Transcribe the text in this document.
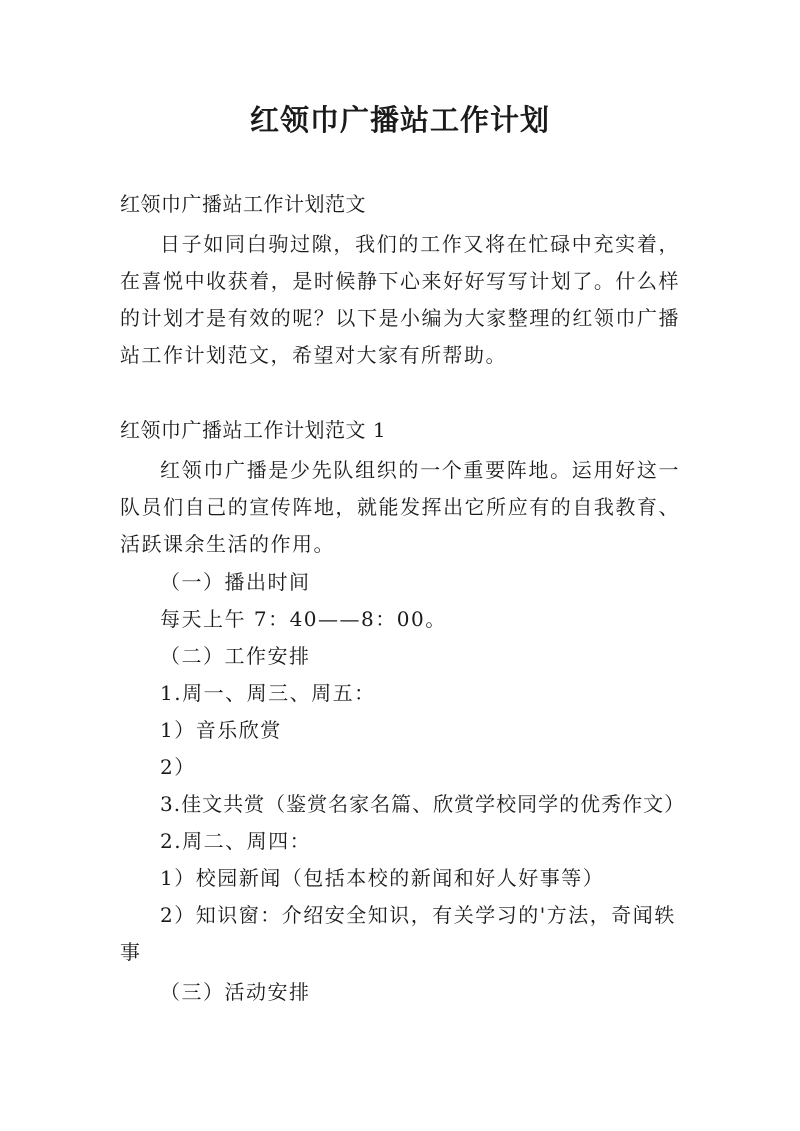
红领巾广播站工作计划
红领巾广播站工作计划范文
日子如同白驹过隙，我们的工作又将在忙碌中充实着，在喜悦中收获着，是时候静下心来好好写写计划了。什么样的计划才是有效的呢？以下是小编为大家整理的红领巾广播站工作计划范文，希望对大家有所帮助。
红领巾广播站工作计划范文 1
红领巾广播是少先队组织的一个重要阵地。运用好这一队员们自己的宣传阵地，就能发挥出它所应有的自我教育、活跃课余生活的作用。
（一）播出时间
每天上午 7：40——8：00。
（二）工作安排
1.周一、周三、周五：
1）音乐欣赏
2）
3.佳文共赏（鉴赏名家名篇、欣赏学校同学的优秀作文）
2.周二、周四：
1）校园新闻（包括本校的新闻和好人好事等）
2）知识窗：介绍安全知识，有关学习的'方法，奇闻轶
事
（三）活动安排
